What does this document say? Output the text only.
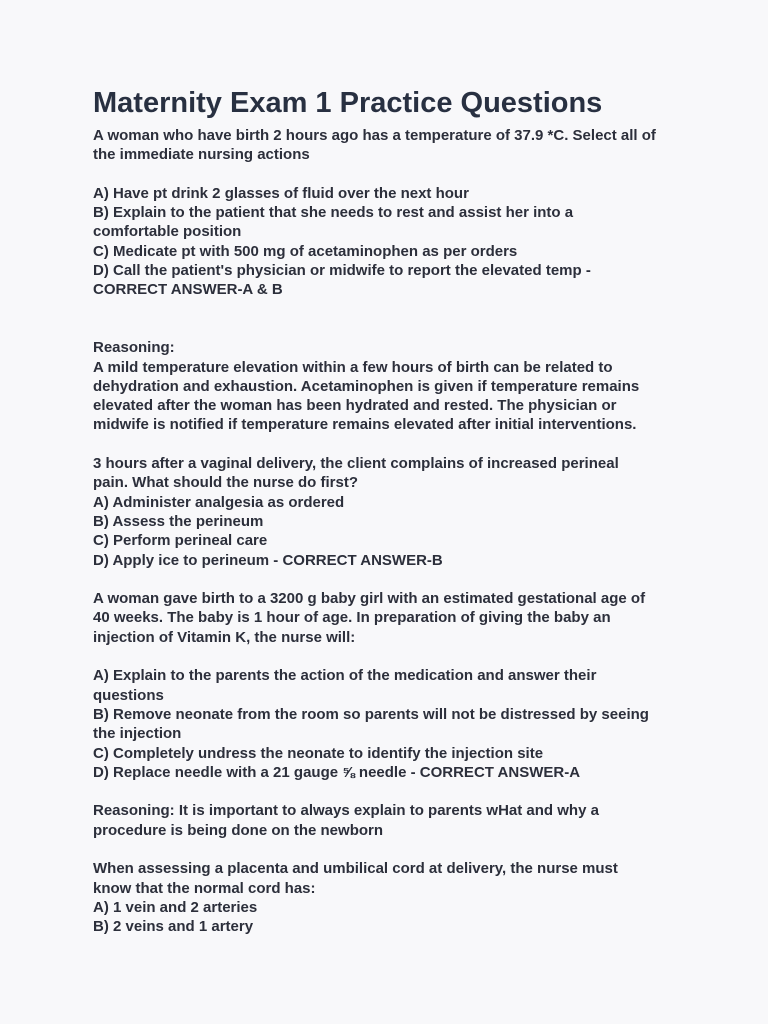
Maternity Exam 1 Practice Questions
A woman who have birth 2 hours ago has a temperature of 37.9 *C. Select all of
the immediate nursing actions
A) Have pt drink 2 glasses of fluid over the next hour
B) Explain to the patient that she needs to rest and assist her into a
comfortable position
C) Medicate pt with 500 mg of acetaminophen as per orders
D) Call the patient's physician or midwife to report the elevated temp -
CORRECT ANSWER-A & B
Reasoning:
A mild temperature elevation within a few hours of birth can be related to
dehydration and exhaustion. Acetaminophen is given if temperature remains
elevated after the woman has been hydrated and rested. The physician or
midwife is notified if temperature remains elevated after initial interventions.
3 hours after a vaginal delivery, the client complains of increased perineal
pain. What should the nurse do first?
A) Administer analgesia as ordered
B) Assess the perineum
C) Perform perineal care
D) Apply ice to perineum - CORRECT ANSWER-B
A woman gave birth to a 3200 g baby girl with an estimated gestational age of
40 weeks. The baby is 1 hour of age. In preparation of giving the baby an
injection of Vitamin K, the nurse will:
A) Explain to the parents the action of the medication and answer their
questions
B) Remove neonate from the room so parents will not be distressed by seeing
the injection
C) Completely undress the neonate to identify the injection site
D) Replace needle with a 21 gauge ⅝ needle - CORRECT ANSWER-A
Reasoning: It is important to always explain to parents wHat and why a
procedure is being done on the newborn
When assessing a placenta and umbilical cord at delivery, the nurse must
know that the normal cord has:
A) 1 vein and 2 arteries
B) 2 veins and 1 artery
